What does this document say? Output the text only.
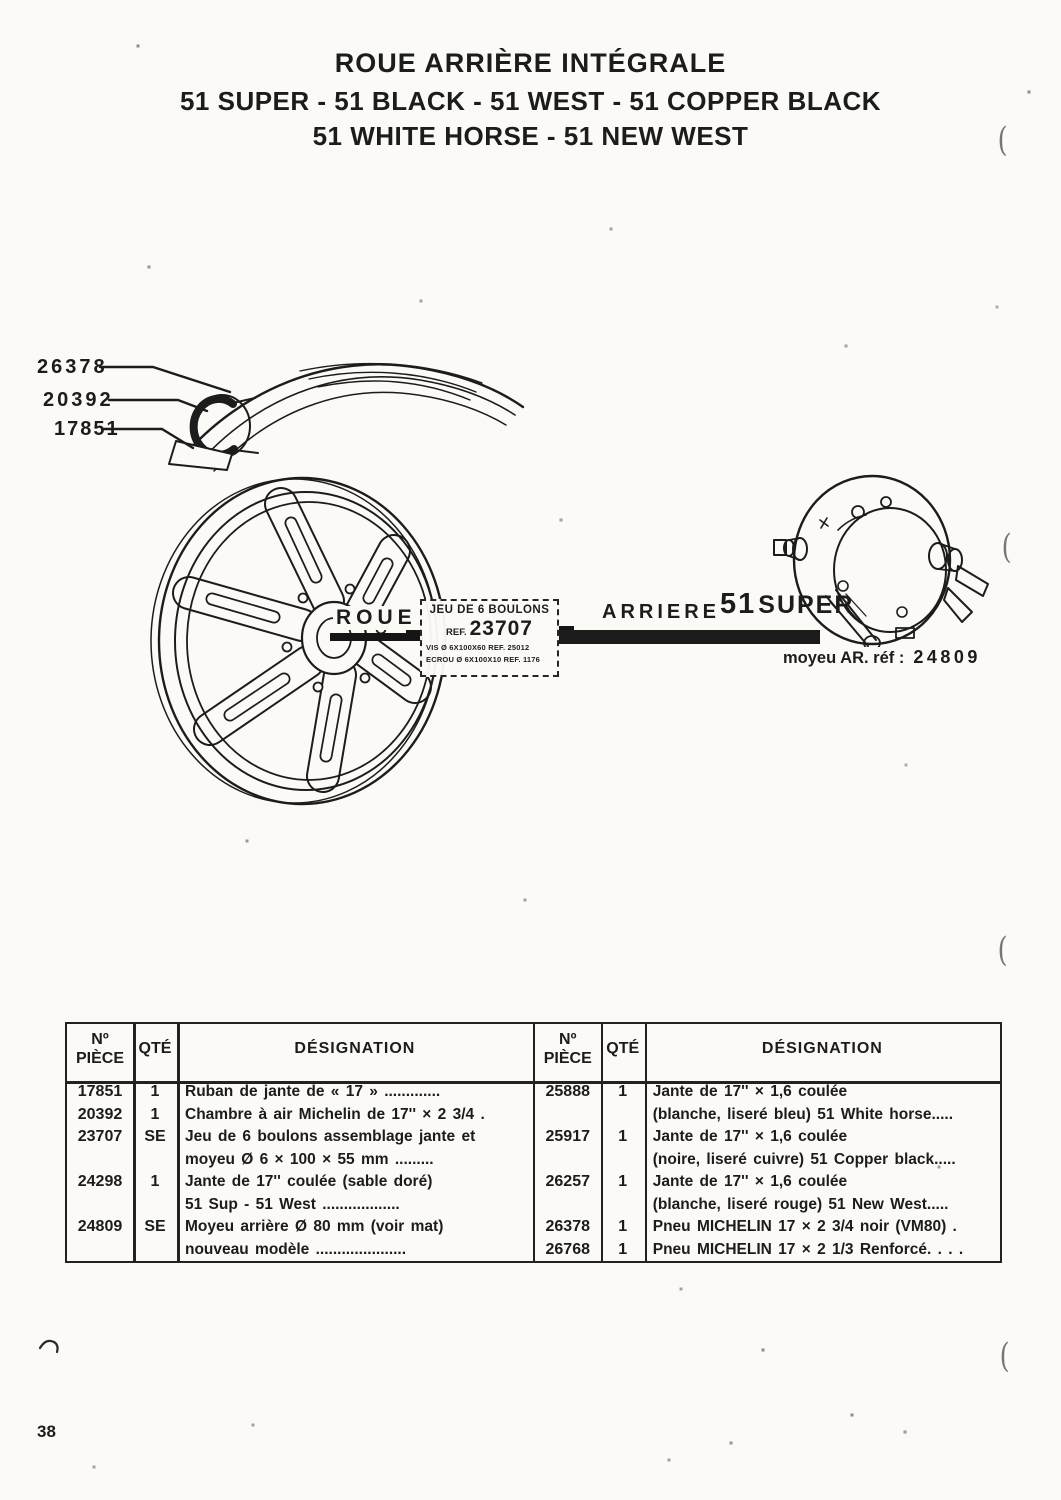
ROUE ARRIÈRE INTÉGRALE
51 SUPER - 51 BLACK - 51 WEST - 51 COPPER BLACK
51 WHITE HORSE - 51 NEW WEST
26378
20392
17851
ROUE	JEU DE 6 BOULONS
REF. 23707
VIS Ø 6X100X60 REF. 25012
ECROU Ø 6X100X10 REF. 1176
ARRIERE 51 SUPER
moyeu AR. réf : 24809
Nº
PIÈCE
QTÉ	DÉSIGNATION
17851	1	Ruban de jante de « 17 » .............
20392	1	Chambre à air Michelin de 17'' × 2 3/4 .
23707	SE	Jeu de 6 boulons assemblage jante et
moyeu Ø 6 × 100 × 55 mm .........
24298	1	Jante de 17'' coulée (sable doré)
51 Sup - 51 West ..................
24809	SE	Moyeu arrière Ø 80 mm (voir mat)
nouveau modèle .....................
Nº
PIÈCE
QTÉ	DÉSIGNATION
25888	1	Jante de 17'' × 1,6 coulée
(blanche, liseré bleu) 51 White horse.....
25917	1	Jante de 17'' × 1,6 coulée
(noire, liseré cuivre) 51 Copper black.....
26257	1	Jante de 17'' × 1,6 coulée
(blanche, liseré rouge) 51 New West.....
26378	1	Pneu MICHELIN 17 × 2 3/4 noir (VM80) .
26768	1	Pneu MICHELIN 17 × 2 1/3 Renforcé. . . .
38
(
(
(
(
